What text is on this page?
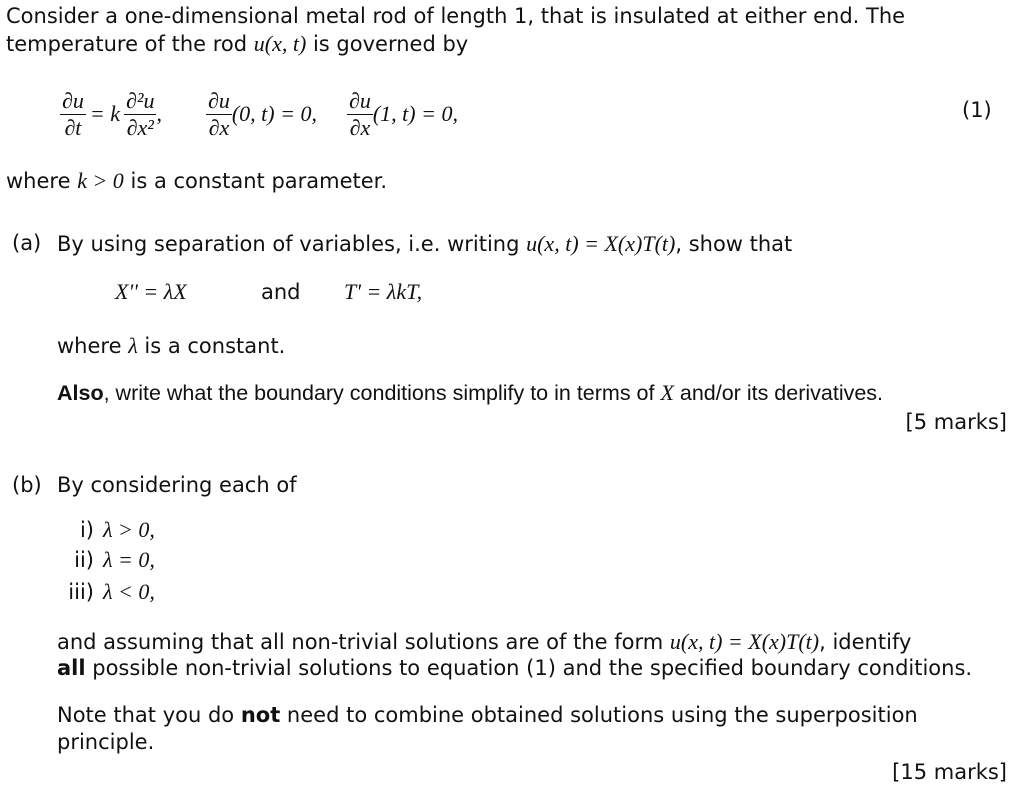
Consider a one-dimensional metal rod of length 1, that is insulated at either end. The
temperature of the rod u(x, t) is governed by
$\frac{\partial u}{\partial t} = k \frac{\text{∂²u}}{\text{∂x²}}$ , $\frac{\partial u}{\partial x} (0$, t) = 0, $\frac{\partial u}{\partial x} (1$, t) = 0,	(1)
where k > 0 is a constant parameter.
(a) By using separation of variables, i.e. writing u(x, t) = X(x)T(t), show that
X'' = λX	and T' = λkT,
where λ is a constant.
Also, write what the boundary conditions simplify to in terms of X and/or its derivatives.
[5 marks]
(b) By considering each of
i) λ > 0,
ii) λ = 0,
iii) λ < 0,
and assuming that all non-trivial solutions are of the form u(x, t) = X(x)T(t), identify
all possible non-trivial solutions to equation (1) and the specified boundary conditions.
Note that you do not need to combine obtained solutions using the superposition
principle.
[15 marks]
